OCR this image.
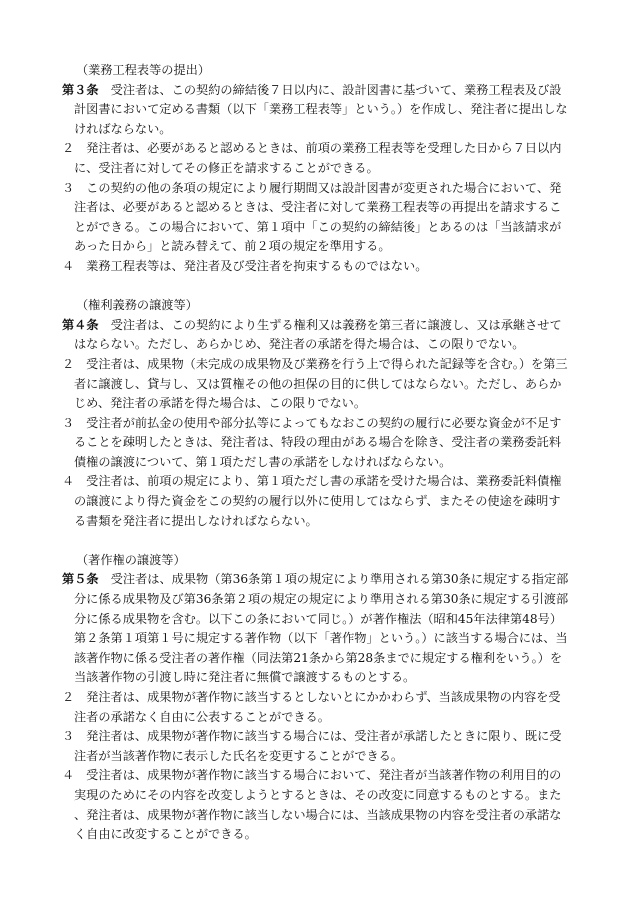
（業務工程表等の提出）

第３条　受注者は、この契約の締結後７日以内に、設計図書に基づいて、業務工程表及び設計図書において定める書類（以下「業務工程表等」という。）を作成し、発注者に提出しなければならない。

２　発注者は、必要があると認めるときは、前項の業務工程表等を受理した日から７日以内に、受注者に対してその修正を請求することができる。

３　この契約の他の条項の規定により履行期間又は設計図書が変更された場合において、発注者は、必要があると認めるときは、受注者に対して業務工程表等の再提出を請求することができる。この場合において、第１項中「この契約の締結後」とあるのは「当該請求があった日から」と読み替えて、前２項の規定を準用する。

４　業務工程表等は、発注者及び受注者を拘束するものではない。

（権利義務の譲渡等）

第４条　受注者は、この契約により生ずる権利又は義務を第三者に譲渡し、又は承継させてはならない。ただし、あらかじめ、発注者の承諾を得た場合は、この限りでない。

２　受注者は、成果物（未完成の成果物及び業務を行う上で得られた記録等を含む。）を第三者に譲渡し、貸与し、又は質権その他の担保の目的に供してはならない。ただし、あらかじめ、発注者の承諾を得た場合は、この限りでない。

３　受注者が前払金の使用や部分払等によってもなおこの契約の履行に必要な資金が不足することを疎明したときは、発注者は、特段の理由がある場合を除き、受注者の業務委託料債権の譲渡について、第１項ただし書の承諾をしなければならない。

４　受注者は、前項の規定により、第１項ただし書の承諾を受けた場合は、業務委託料債権の譲渡により得た資金をこの契約の履行以外に使用してはならず、またその使途を疎明する書類を発注者に提出しなければならない。

（著作権の譲渡等）

第５条　受注者は、成果物（第36条第１項の規定により準用される第30条に規定する指定部分に係る成果物及び第36条第２項の規定の規定により準用される第30条に規定する引渡部分に係る成果物を含む。以下この条において同じ。）が著作権法（昭和45年法律第48号）第２条第１項第１号に規定する著作物（以下「著作物」という。）に該当する場合には、当該著作物に係る受注者の著作権（同法第21条から第28条までに規定する権利をいう。）を当該著作物の引渡し時に発注者に無償で譲渡するものとする。

２　発注者は、成果物が著作物に該当するとしないとにかかわらず、当該成果物の内容を受注者の承諾なく自由に公表することができる。

３　発注者は、成果物が著作物に該当する場合には、受注者が承諾したときに限り、既に受注者が当該著作物に表示した氏名を変更することができる。

４　受注者は、成果物が著作物に該当する場合において、発注者が当該著作物の利用目的の実現のためにその内容を改変しようとするときは、その改変に同意するものとする。また、発注者は、成果物が著作物に該当しない場合には、当該成果物の内容を受注者の承諾なく自由に改変することができる。
